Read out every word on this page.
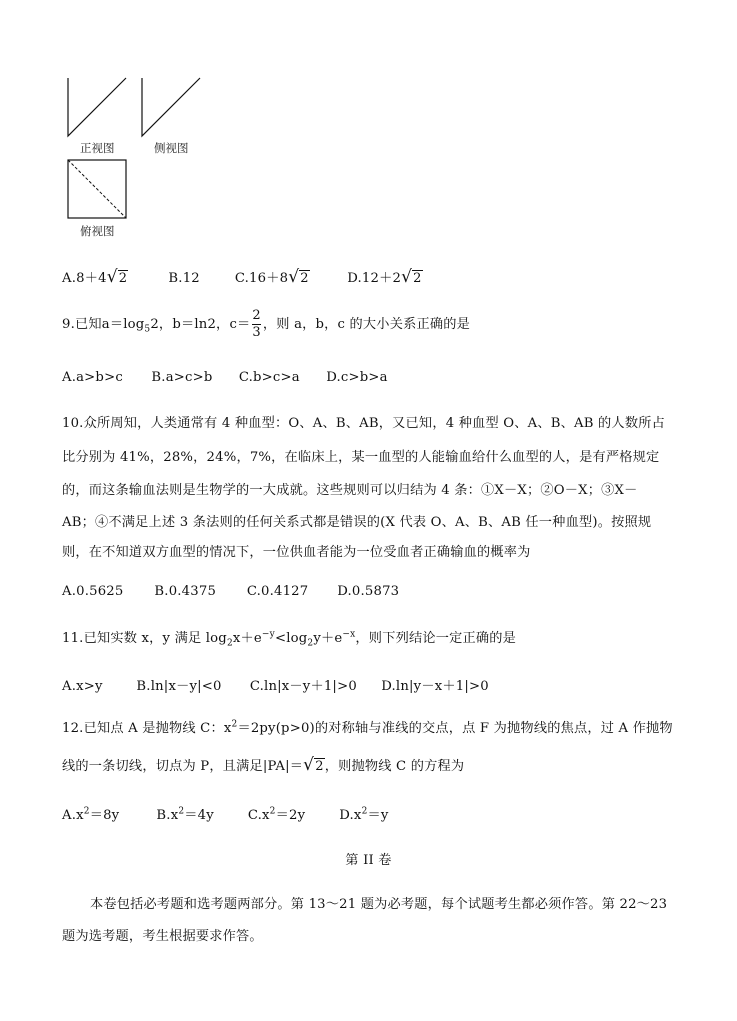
正视图	侧视图
俯视图
A.8＋4√2	B.12	C.16＋8√2	D.12＋2√2
9.已知$a=\log_52$，b＝ln2，$c= \frac{2}{3}$ ，则 a，b，c 的大小关系正确的是
A.a>b>c B.a>c>b C.b>c>a D.c>b>a
10.众所周知，人类通常有 4 种血型：O、A、B、AB，又已知，4 种血型 O、A、B、AB 的人数所占
比分别为 41%，28%，24%，7%，在临床上，某一血型的人能输血给什么血型的人，是有严格规定
的，而这条输血法则是生物学的一大成就。这些规则可以归结为 4 条：①X－X；②O－X；③X－
AB；④不满足上述 3 条法则的任何关系式都是错误的(X 代表 O、A、B、AB 任一种血型)。按照规
则，在不知道双方血型的情况下，一位供血者能为一位受血者正确输血的概率为
A.0.5625 B.0.4375 C.0.4127 D.0.5873
11.已知实数 x，y 满足 $\log_2x+e^{-y}<\log_2y+e^{-x}$，则下列结论一定正确的是
A.x>y	B.ln|x－y|<0 C.ln|x－y＋1|>0 D.ln|y－x＋1|>0
12.已知点 A 是抛物线 C：$x^2=2py(p>0)$的对称轴与准线的交点，点 F 为抛物线的焦点，过 A 作抛物
线的一条切线，切点为 P，且满足|PA|＝√2，则抛物线 C 的方程为
$A.x^2=8y$	$B.x^2=4y$	$C.x^2=2y$	$D.x^2=y$
第 II 卷
本卷包括必考题和选考题两部分。第 13～21 题为必考题，每个试题考生都必须作答。第 22～23
题为选考题，考生根据要求作答。
